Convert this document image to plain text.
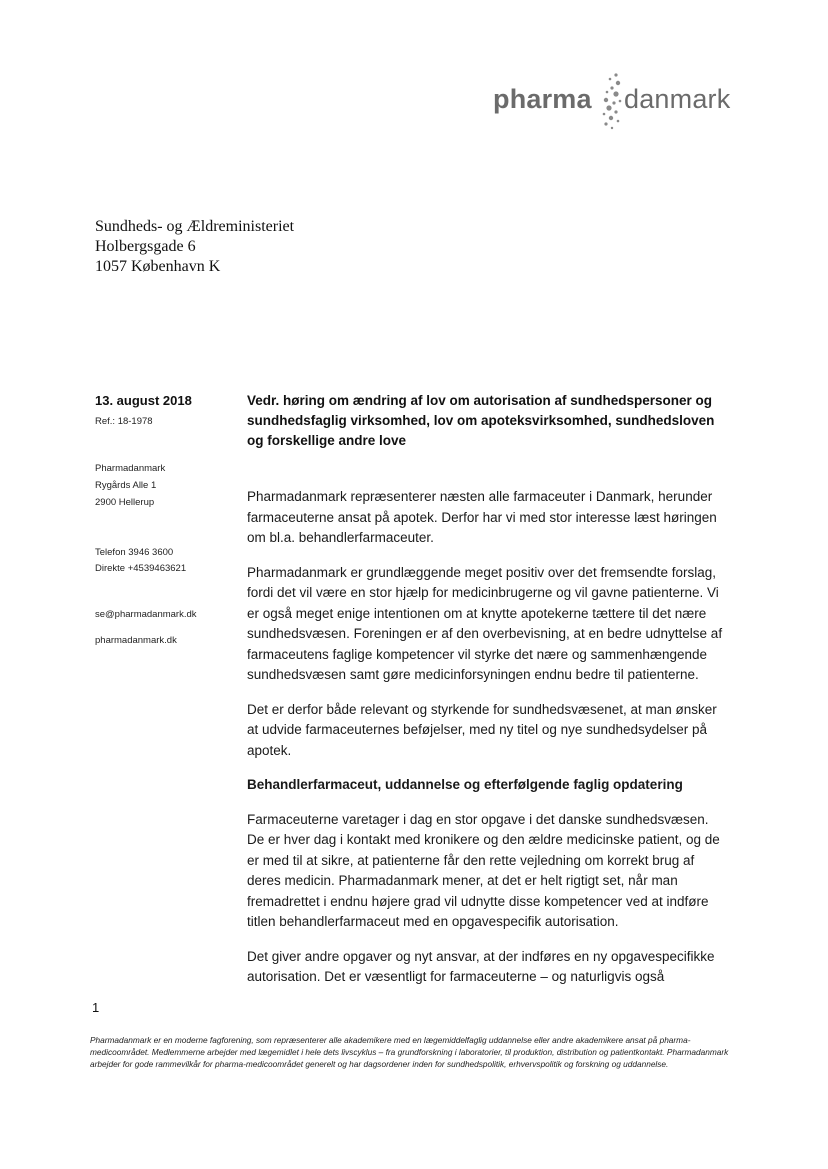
pharma danmark
Sundheds- og Ældreministeriet
Holbergsgade 6
1057 København K
13. august 2018
Ref.: 18-1978
Pharmadanmark
Rygårds Alle 1
2900 Hellerup
Telefon 3946 3600
Direkte +4539463621
se@pharmadanmark.dk
pharmadanmark.dk
Vedr. høring om ændring af lov om autorisation af sundhedspersoner og sundhedsfaglig virksomhed, lov om apoteksvirksomhed, sundhedsloven og forskellige andre love

Pharmadanmark repræsenterer næsten alle farmaceuter i Danmark, herunder farmaceuterne ansat på apotek. Derfor har vi med stor interesse læst høringen om bl.a. behandlerfarmaceuter.

Pharmadanmark er grundlæggende meget positiv over det fremsendte forslag, fordi det vil være en stor hjælp for medicinbrugerne og vil gavne patienterne. Vi er også meget enige intentionen om at knytte apotekerne tættere til det nære sundhedsvæsen. Foreningen er af den overbevisning, at en bedre udnyttelse af farmaceutens faglige kompetencer vil styrke det nære og sammenhængende sundhedsvæsen samt gøre medicinforsyningen endnu bedre til patienterne.

Det er derfor både relevant og styrkende for sundhedsvæsenet, at man ønsker at udvide farmaceuternes beføjelser, med ny titel og nye sundhedsydelser på apotek.

Behandlerfarmaceut, uddannelse og efterfølgende faglig opdatering

Farmaceuterne varetager i dag en stor opgave i det danske sundhedsvæsen. De er hver dag i kontakt med kronikere og den ældre medicinske patient, og de er med til at sikre, at patienterne får den rette vejledning om korrekt brug af deres medicin. Pharmadanmark mener, at det er helt rigtigt set, når man fremadrettet i endnu højere grad vil udnytte disse kompetencer ved at indføre titlen behandlerfarmaceut med en opgavespecifik autorisation.

Det giver andre opgaver og nyt ansvar, at der indføres en ny opgavespecifikke autorisation. Det er væsentligt for farmaceuterne – og naturligvis også

1
Pharmadanmark er en moderne fagforening, som repræsenterer alle akademikere med en lægemiddelfaglig uddannelse eller andre akademikere ansat på pharma-medicoområdet. Medlemmerne arbejder med lægemidlet i hele dets livscyklus – fra grundforskning i laboratorier, til produktion, distribution og patientkontakt. Pharmadanmark arbejder for gode rammevilkår for pharma-medicoområdet generelt og har dagsordener inden for sundhedspolitik, erhvervspolitik og forskning og uddannelse.
